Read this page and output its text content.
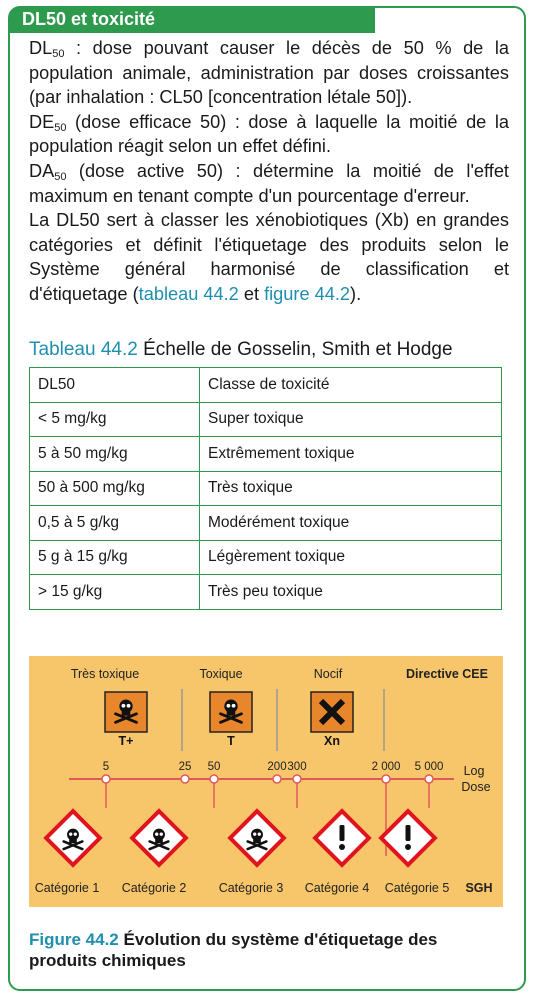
DL50 et toxicité

$DL_{50}$ : dose pouvant causer le décès de 50 % de la population animale, administration par doses croissantes (par inhalation : CL50 [concentration létale 50]).

$DE_{50}$ (dose efficace 50) : dose à laquelle la moitié de la population réagit selon un effet défini.

$DA_{50}$ (dose active 50) : détermine la moitié de l'effet maximum en tenant compte d'un pourcentage d'erreur.

La DL50 sert à classer les xénobiotiques (Xb) en grandes catégories et définit l'étiquetage des produits selon le Système général harmonisé de classification et d'étiquetage (tableau 44.2 et figure 44.2).

Tableau 44.2 Échelle de Gosselin, Smith et Hodge
DL50	Classe de toxicité
< 5 mg/kg	Super toxique
5 à 50 mg/kg	Extrêmement toxique
50 à 500 mg/kg	Très toxique
0,5 à 5 g/kg	Modérément toxique
5 g à 15 g/kg	Légèrement toxique
> 15 g/kg	Très peu toxique
Très toxique	Toxique	Nocif	Directive CEE
T+	T	Xn
5	25 50	200 300	2 000 5 000 Log
Dose
Catégorie 1 Catégorie 2	Catégorie 3 Catégorie 4 Catégorie 5 SGH
Figure 44.2 Évolution du système d'étiquetage des produits chimiques
